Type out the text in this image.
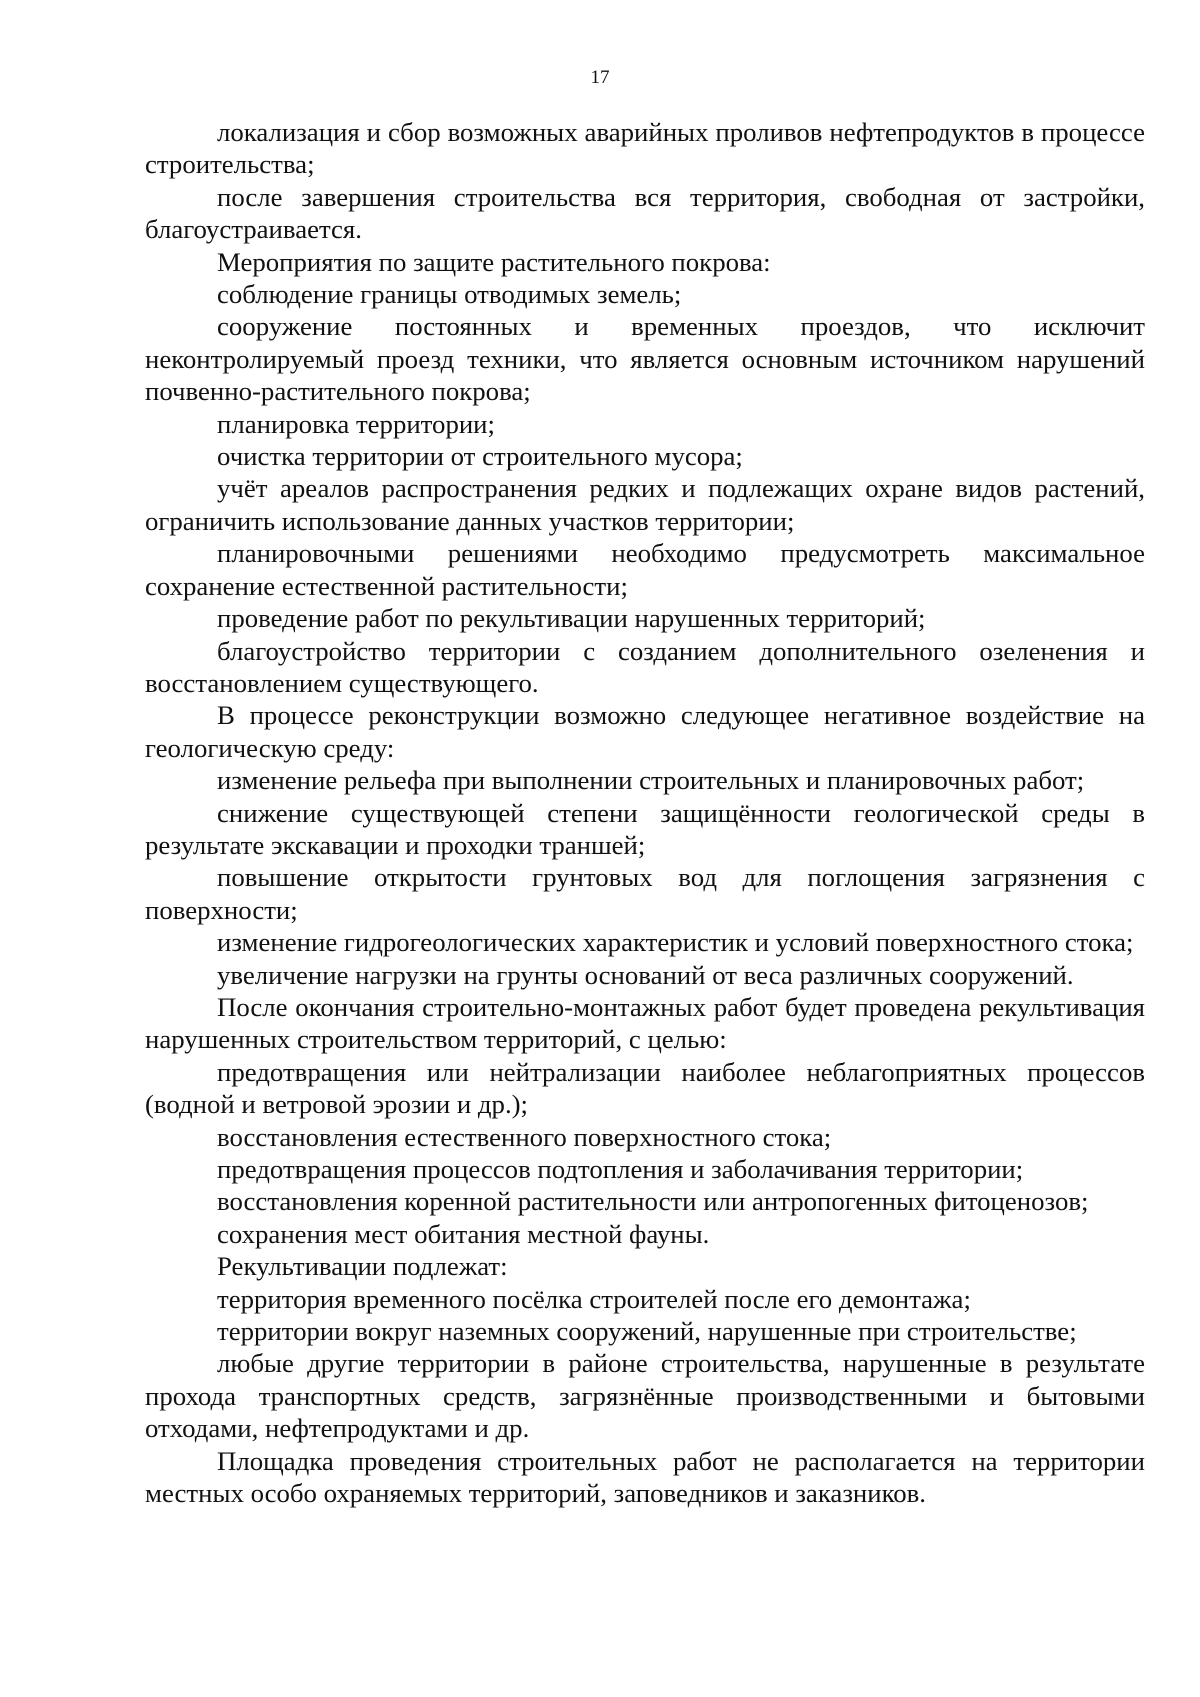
17

локализация и сбор возможных аварийных проливов нефтепродуктов в процессе строительства;

после завершения строительства вся территория, свободная от застройки, благоустраивается.

Мероприятия по защите растительного покрова:

соблюдение границы отводимых земель;

сооружение постоянных и временных проездов, что исключит неконтролируемый проезд техники, что является основным источником нарушений почвенно-растительного покрова;

планировка территории;

очистка территории от строительного мусора;

учёт ареалов распространения редких и подлежащих охране видов растений, ограничить использование данных участков территории;

планировочными решениями необходимо предусмотреть максимальное сохранение естественной растительности;

проведение работ по рекультивации нарушенных территорий;

благоустройство территории с созданием дополнительного озеленения и восстановлением существующего.

В процессе реконструкции возможно следующее негативное воздействие на геологическую среду:

изменение рельефа при выполнении строительных и планировочных работ;

снижение существующей степени защищённости геологической среды в результате экскавации и проходки траншей;

повышение открытости грунтовых вод для поглощения загрязнения с поверхности;

изменение гидрогеологических характеристик и условий поверхностного стока;

увеличение нагрузки на грунты оснований от веса различных сооружений.

После окончания строительно-монтажных работ будет проведена рекультивация нарушенных строительством территорий, с целью:

предотвращения или нейтрализации наиболее неблагоприятных процессов (водной и ветровой эрозии и др.);

восстановления естественного поверхностного стока;

предотвращения процессов подтопления и заболачивания территории;

восстановления коренной растительности или антропогенных фитоценозов;

сохранения мест обитания местной фауны.

Рекультивации подлежат:

территория временного посёлка строителей после его демонтажа;

территории вокруг наземных сооружений, нарушенные при строительстве;

любые другие территории в районе строительства, нарушенные в результате прохода транспортных средств, загрязнённые производственными и бытовыми отходами, нефтепродуктами и др.

Площадка проведения строительных работ не располагается на территории местных особо охраняемых территорий, заповедников и заказников.
